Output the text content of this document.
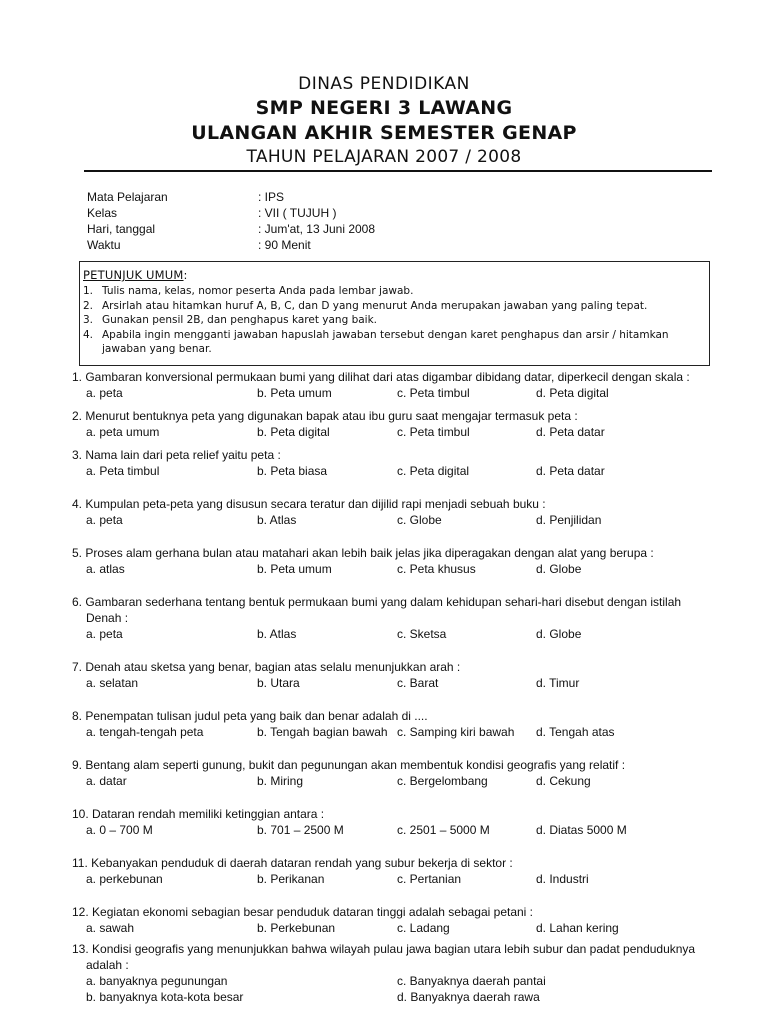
DINAS PENDIDIKAN
SMP NEGERI 3 LAWANG
ULANGAN AKHIR SEMESTER GENAP
TAHUN PELAJARAN 2007 / 2008
Mata Pelajaran	: IPS
Kelas	: VII ( TUJUH )
Hari, tanggal	: Jum'at, 13 Juni 2008
Waktu	: 90 Menit
PETUNJUK UMUM:
1. Tulis nama, kelas, nomor peserta Anda pada lembar jawab.
2. Arsirlah atau hitamkan huruf A, B, C, dan D yang menurut Anda merupakan jawaban yang paling tepat.
3. Gunakan pensil 2B, dan penghapus karet yang baik.
4. Apabila ingin mengganti jawaban hapuslah jawaban tersebut dengan karet penghapus dan arsir / hitamkan jawaban yang benar.
1. Gambaran konversional permukaan bumi yang dilihat dari atas digambar dibidang datar, diperkecil dengan skala :
a. peta	b. Peta umum	c. Peta timbul	d. Peta digital
2. Menurut bentuknya peta yang digunakan bapak atau ibu guru saat mengajar termasuk peta :
a. peta umum	b. Peta digital	c. Peta timbul	d. Peta datar
3. Nama lain dari peta relief yaitu peta :
a. Peta timbul	b. Peta biasa	c. Peta digital	d. Peta datar
4. Kumpulan peta-peta yang disusun secara teratur dan dijilid rapi menjadi sebuah buku :
a. peta	b. Atlas	c. Globe	d. Penjilidan
5. Proses alam gerhana bulan atau matahari akan lebih baik jelas jika diperagakan dengan alat yang berupa :
a. atlas	b. Peta umum	c. Peta khusus	d. Globe
6. Gambaran sederhana tentang bentuk permukaan bumi yang dalam kehidupan sehari-hari disebut dengan istilah
Denah :
a. peta	b. Atlas	c. Sketsa	d. Globe
7. Denah atau sketsa yang benar, bagian atas selalu menunjukkan arah :
a. selatan	b. Utara	c. Barat	d. Timur
8. Penempatan tulisan judul peta yang baik dan benar adalah di ....
a. tengah-tengah peta	b. Tengah bagian bawah c. Samping kiri bawah d. Tengah atas
9. Bentang alam seperti gunung, bukit dan pegunungan akan membentuk kondisi geografis yang relatif :
a. datar	b. Miring	c. Bergelombang	d. Cekung
10. Dataran rendah memiliki ketinggian antara :
a. 0 – 700 M	b. 701 – 2500 M	c. 2501 – 5000 M	d. Diatas 5000 M
11. Kebanyakan penduduk di daerah dataran rendah yang subur bekerja di sektor :
a. perkebunan	b. Perikanan	c. Pertanian	d. Industri
12. Kegiatan ekonomi sebagian besar penduduk dataran tinggi adalah sebagai petani :
a. sawah	b. Perkebunan	c. Ladang	d. Lahan kering
13. Kondisi geografis yang menunjukkan bahwa wilayah pulau jawa bagian utara lebih subur dan padat penduduknya
adalah :
a. banyaknya pegunungan	c. Banyaknya daerah pantai
b. banyaknya kota-kota besar	d. Banyaknya daerah rawa
